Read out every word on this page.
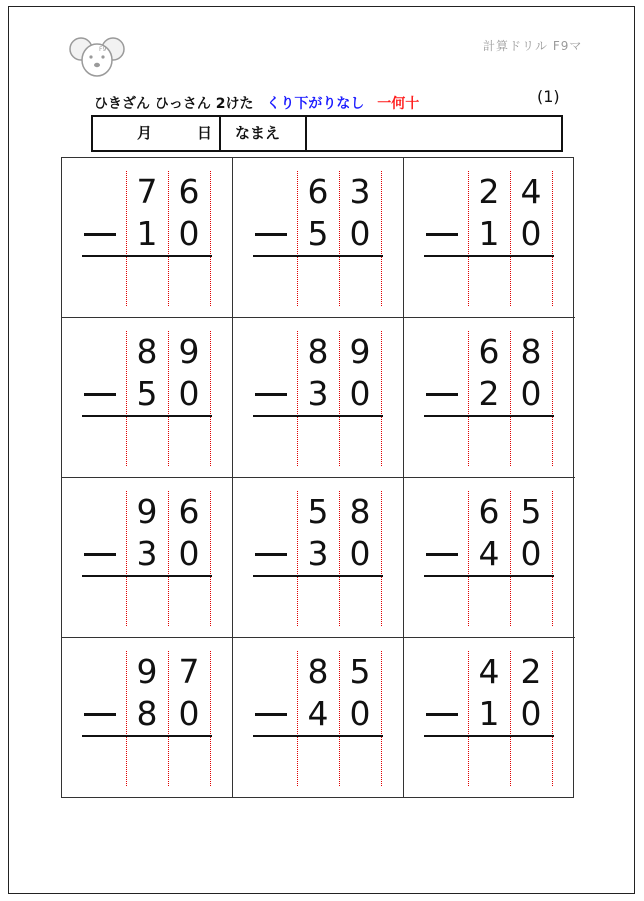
F9	計算ドリル F9マ
ひきざん ひっさん 2けた くり下がりなし 一何十	(1)
月	日 なまえ
7 6
1 0
6 3
5 0
2 4
1 0
8 9
5 0
8 9
3 0
6 8
2 0
9 6
3 0
5 8
3 0
6 5
4 0
9 7
8 0
8 5
4 0
4 2
1 0
